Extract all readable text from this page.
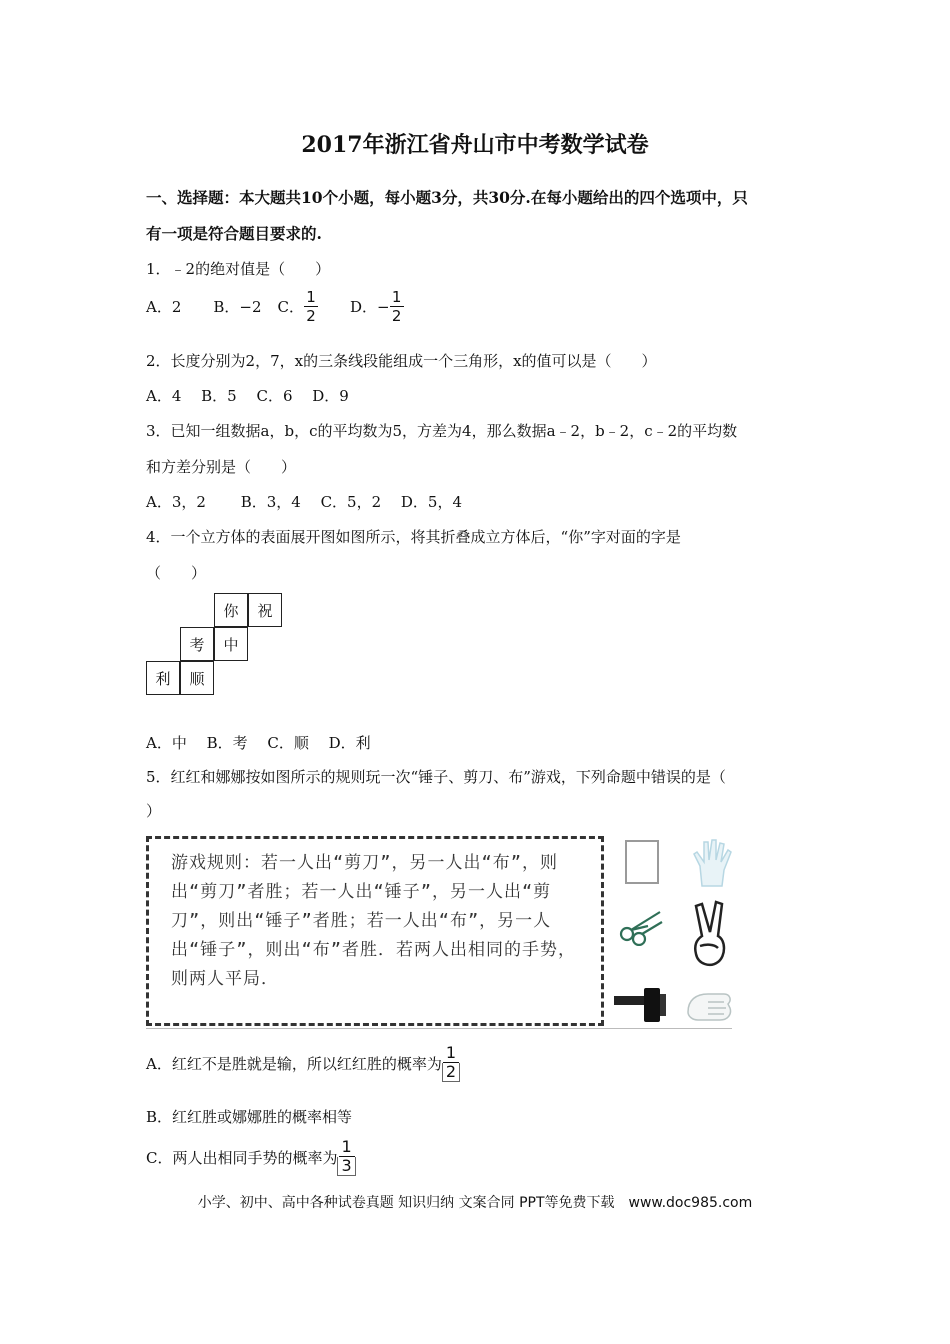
2017年浙江省舟山市中考数学试卷
一、选择题：本大题共10个小题，每小题3分，共30分.在每小题给出的四个选项中，只
有一项是符合题目要求的.
1．﹣2的绝对值是（　　）
A．2 B．−2 C． $\frac{1}{2}$ D．− $\frac{1}{2}$
2．长度分别为2，7，x的三条线段能组成一个三角形，x的值可以是（　　）
A．4　 B．5　 C．6　 D．9
3．已知一组数据a，b，c的平均数为5，方差为4，那么数据a﹣2，b﹣2，c﹣2的平均数
和方差分别是（　　）
A．3，2　　 B．3，4　 C．5，2　 D．5，4
4．一个立方体的表面展开图如图所示，将其折叠成立方体后，“你”字对面的字是
（　　）
你	祝
考	中
利	顺
A．中　 B．考　 C．顺　 D．利
5．红红和娜娜按如图所示的规则玩一次“锤子、剪刀、布”游戏，下列命题中错误的是（
）
游戏规则：若一人出“剪刀”，另一人出“布”，则出“剪刀”者胜；若一人出“锤子”，另一人出“剪刀”，则出“锤子”者胜；若一人出“布”，另一人出“锤子”，则出“布”者胜．若两人出相同的手势，则两人平局．
A．红红不是胜就是输，所以红红胜的概率为 $\frac{1}{2}$
B．红红胜或娜娜胜的概率相等
C．两人出相同手势的概率为 $\frac{1}{3}$
小学、初中、高中各种试卷真题 知识归纳 文案合同 PPT等免费下载　www.doc985.com
